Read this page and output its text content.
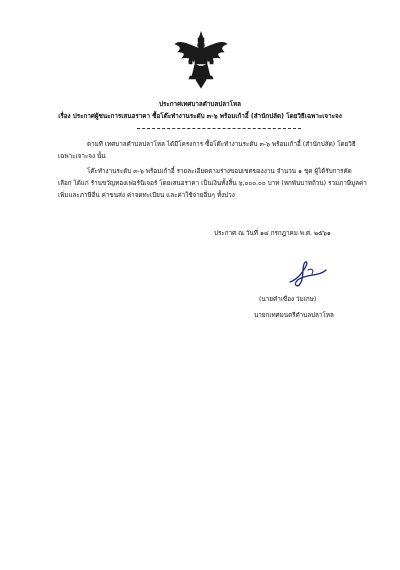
ประกาศเทศบาลตำบลปลาโหล
เรื่อง ประกาศผู้ชนะการเสนอราคา ซื้อโต๊ะทำงานระดับ ๓-๖ พร้อมเก้าอี้ (สำนักปลัด) โดยวิธีเฉพาะเจาะจง
ตามที่ เทศบาลตำบลปลาโหล ได้มีโครงการ ซื้อโต๊ะทำงานระดับ ๓-๖ พร้อมเก้าอี้ (สำนักปลัด) โดยวิธี
เฉพาะเจาะจง นั้น
โต๊ะทำงานระดับ ๓-๖ พร้อมเก้าอี้ รายละเอียดตามร่างขอบเขตของงาน จำนวน ๑ ชุด ผู้ได้รับการคัด
เลือก ได้แก่ ร้านขวัญทองเฟอร์นิเจอร์ โดยเสนอราคา เป็นเงินทั้งสิ้น ๖,๐๐๐.๐๐ บาท (หกพันบาทถ้วน) รวมภาษีมูลค่า
เพิ่มและภาษีอื่น ค่าขนส่ง ค่าจดทะเบียน และค่าใช้จ่ายอื่นๆ ทั้งปวง
ประกาศ ณ วันที่ ๑๔ กรกฎาคม พ.ศ. ๒๕๖๑
(นายคำเขื่อง ว่มเกษ)
นายกเทศมนตรีตำบลปลาโหล
